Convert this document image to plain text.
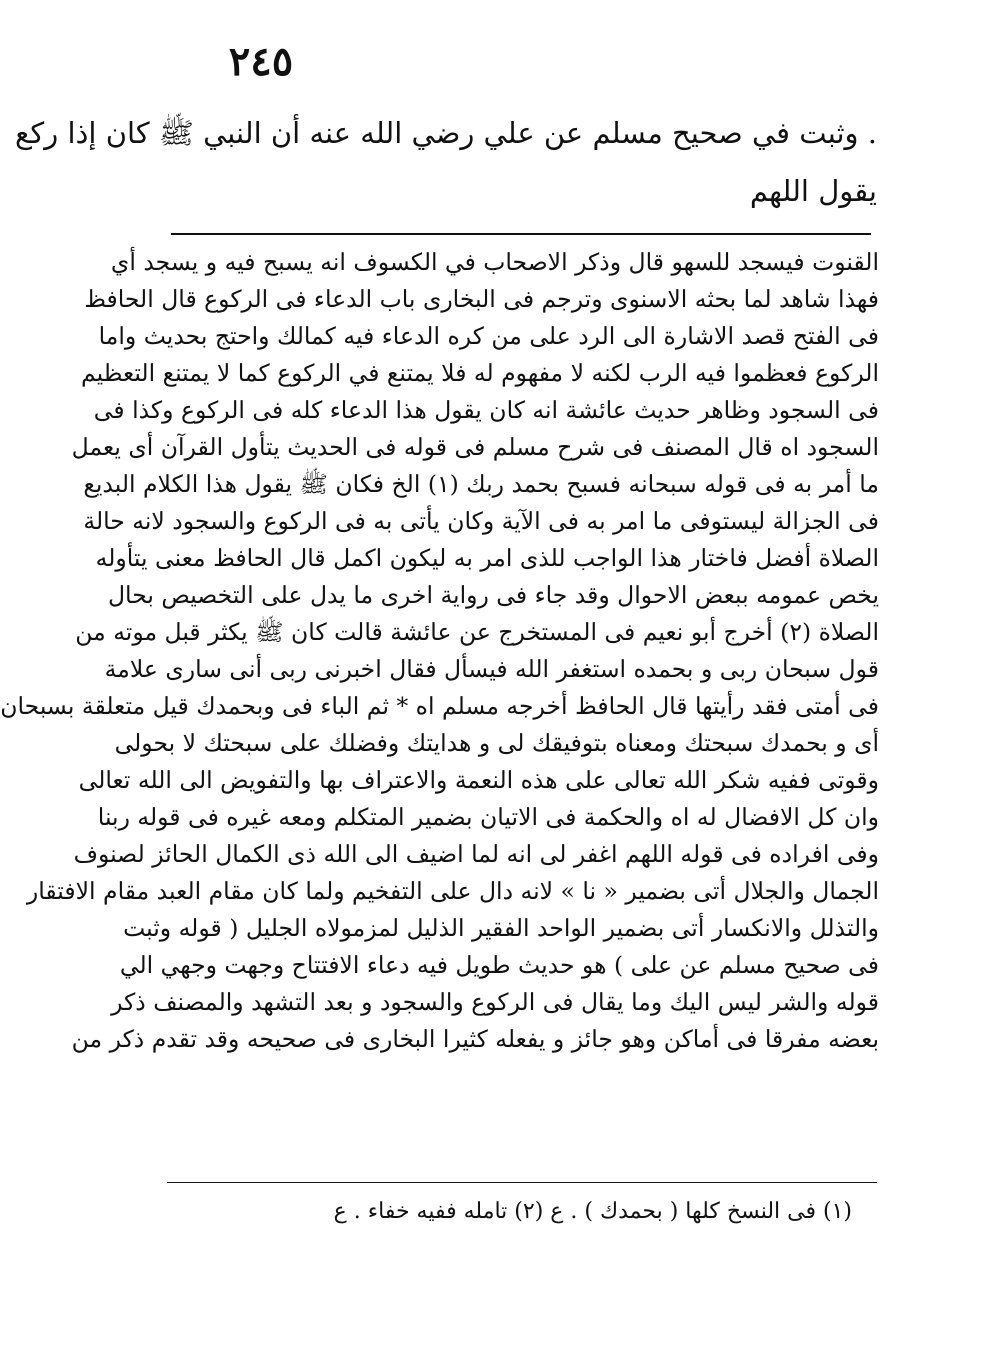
٢٤٥
. وثبت في صحيح مسلم عن علي رضي الله عنه أن النبي ﷺ كان إذا ركع
يقول اللهم
القنوت فيسجد للسهو قال وذكر الاصحاب في الكسوف انه يسبح فيه و يسجد أي
فهذا شاهد لما بحثه الاسنوى وترجم فى البخارى باب الدعاء فى الركوع قال الحافظ
فى الفتح قصد الاشارة الى الرد على من كره الدعاء فيه كمالك واحتج بحديث واما
الركوع فعظموا فيه الرب لكنه لا مفهوم له فلا يمتنع في الركوع كما لا يمتنع التعظيم
فى السجود وظاهر حديث عائشة انه كان يقول هذا الدعاء كله فى الركوع وكذا فى
السجود اه قال المصنف فى شرح مسلم فى قوله فى الحديث يتأول القرآن أى يعمل
ما أمر به فى قوله سبحانه فسبح بحمد ربك (١) الخ فكان ﷺ يقول هذا الكلام البديع
فى الجزالة ليستوفى ما امر به فى الآية وكان يأتى به فى الركوع والسجود لانه حالة
الصلاة أفضل فاختار هذا الواجب للذى امر به ليكون اكمل قال الحافظ معنى يتأوله
يخص عمومه ببعض الاحوال وقد جاء فى رواية اخرى ما يدل على التخصيص بحال
الصلاة (٢) أخرج أبو نعيم فى المستخرج عن عائشة قالت كان ﷺ يكثر قبل موته من
قول سبحان ربى و بحمده استغفر الله فيسأل فقال اخبرنى ربى أنى سارى علامة
فى أمتى فقد رأيتها قال الحافظ أخرجه مسلم اه * ثم الباء فى وبحمدك قيل متعلقة بسبحان
أى و بحمدك سبحتك ومعناه بتوفيقك لى و هدايتك وفضلك على سبحتك لا بحولى
وقوتى ففيه شكر الله تعالى على هذه النعمة والاعتراف بها والتفويض الى الله تعالى
وان كل الافضال له اه والحكمة فى الاتيان بضمير المتكلم ومعه غيره فى قوله ربنا
وفى افراده فى قوله اللهم اغفر لى انه لما اضيف الى الله ذى الكمال الحائز لصنوف
الجمال والجلال أتى بضمير « نا » لانه دال على التفخيم ولما كان مقام العبد مقام الافتقار
والتذلل والانكسار أتى بضمير الواحد الفقير الذليل لمزمولاه الجليل ( قوله وثبت
فى صحيح مسلم عن على ) هو حديث طويل فيه دعاء الافتتاح وجهت وجهي الي
قوله والشر ليس اليك وما يقال فى الركوع والسجود و بعد التشهد والمصنف ذكر
بعضه مفرقا فى أماكن وهو جائز و يفعله كثيرا البخارى فى صحيحه وقد تقدم ذكر من
(١) فى النسخ كلها ( بحمدك ) . ع (٢) تامله ففيه خفاء . ع
